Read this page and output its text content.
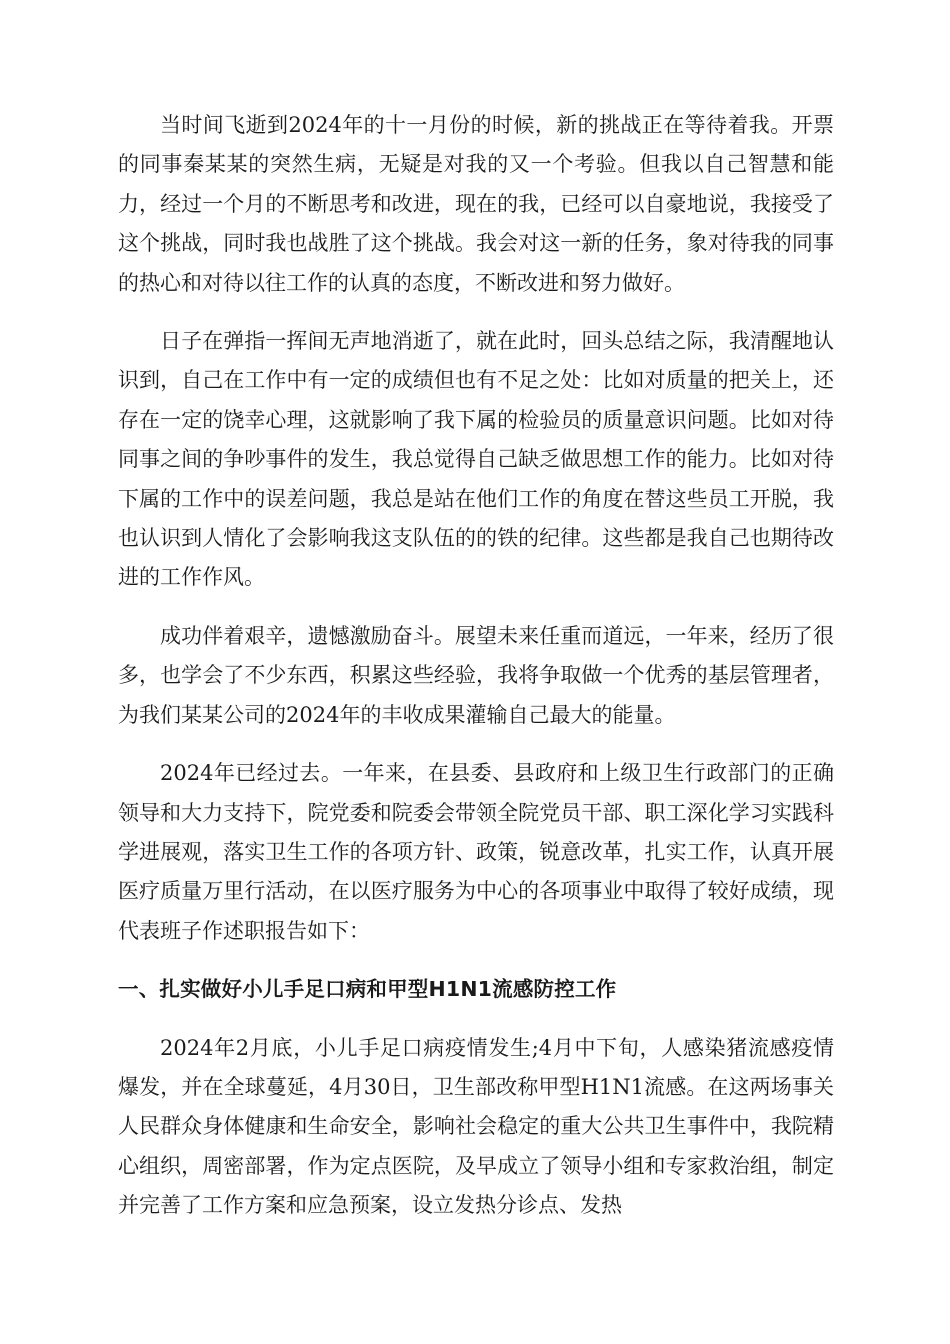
当时间飞逝到2024年的十一月份的时候，新的挑战正在等待着我。开票的同事秦某某的突然生病，无疑是对我的又一个考验。但我以自己智慧和能力，经过一个月的不断思考和改进，现在的我，已经可以自豪地说，我接受了这个挑战，同时我也战胜了这个挑战。我会对这一新的任务，象对待我的同事的热心和对待以往工作的认真的态度，不断改进和努力做好。

日子在弹指一挥间无声地消逝了，就在此时，回头总结之际，我清醒地认识到，自己在工作中有一定的成绩但也有不足之处：比如对质量的把关上，还存在一定的饶幸心理，这就影响了我下属的检验员的质量意识问题。比如对待同事之间的争吵事件的发生，我总觉得自己缺乏做思想工作的能力。比如对待下属的工作中的误差问题，我总是站在他们工作的角度在替这些员工开脱，我也认识到人情化了会影响我这支队伍的的铁的纪律。这些都是我自己也期待改进的工作作风。

成功伴着艰辛，遗憾激励奋斗。展望未来任重而道远，一年来，经历了很多，也学会了不少东西，积累这些经验，我将争取做一个优秀的基层管理者，为我们某某公司的2024年的丰收成果灌输自己最大的能量。

2024年已经过去。一年来，在县委、县政府和上级卫生行政部门的正确领导和大力支持下，院党委和院委会带领全院党员干部、职工深化学习实践科学进展观，落实卫生工作的各项方针、政策，锐意改革，扎实工作，认真开展医疗质量万里行活动，在以医疗服务为中心的各项事业中取得了较好成绩，现代表班子作述职报告如下：

一、扎实做好小儿手足口病和甲型H1N1流感防控工作

2024年2月底，小儿手足口病疫情发生;4月中下旬，人感染猪流感疫情爆发，并在全球蔓延，4月30日，卫生部改称甲型H1N1流感。在这两场事关人民群众身体健康和生命安全，影响社会稳定的重大公共卫生事件中，我院精心组织，周密部署，作为定点医院，及早成立了领导小组和专家救治组，制定并完善了工作方案和应急预案，设立发热分诊点、发热
